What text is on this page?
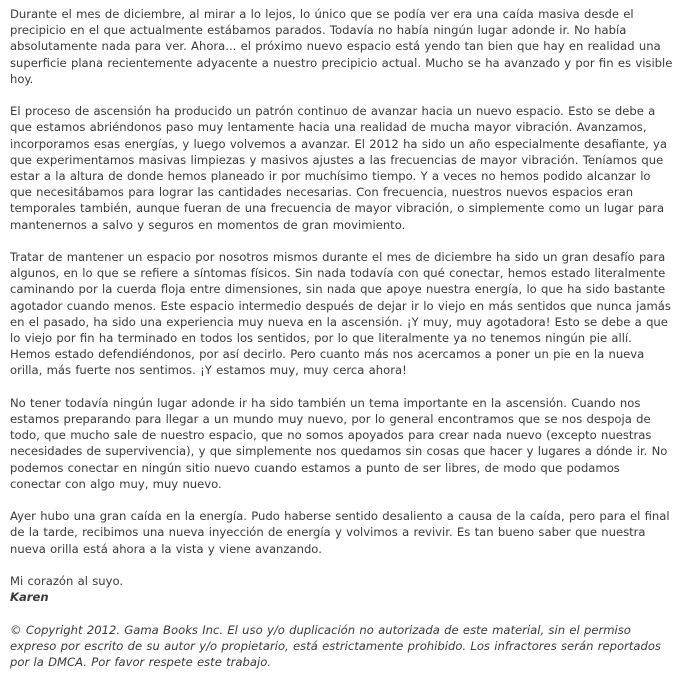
Durante el mes de diciembre, al mirar a lo lejos, lo único que se podía ver era una caída masiva desde el precipicio en el que actualmente estábamos parados. Todavía no había ningún lugar adonde ir. No había absolutamente nada para ver. Ahora... el próximo nuevo espacio está yendo tan bien que hay en realidad una superficie plana recientemente adyacente a nuestro precipicio actual. Mucho se ha avanzado y por fin es visible hoy.

El proceso de ascensión ha producido un patrón continuo de avanzar hacia un nuevo espacio. Esto se debe a que estamos abriéndonos paso muy lentamente hacia una realidad de mucha mayor vibración. Avanzamos, incorporamos esas energías, y luego volvemos a avanzar. El 2012 ha sido un año especialmente desafiante, ya que experimentamos masivas limpiezas y masivos ajustes a las frecuencias de mayor vibración. Teníamos que estar a la altura de donde hemos planeado ir por muchísimo tiempo. Y a veces no hemos podido alcanzar lo que necesitábamos para lograr las cantidades necesarias. Con frecuencia, nuestros nuevos espacios eran temporales también, aunque fueran de una frecuencia de mayor vibración, o simplemente como un lugar para mantenernos a salvo y seguros en momentos de gran movimiento.

Tratar de mantener un espacio por nosotros mismos durante el mes de diciembre ha sido un gran desafío para algunos, en lo que se refiere a síntomas físicos. Sin nada todavía con qué conectar, hemos estado literalmente caminando por la cuerda floja entre dimensiones, sin nada que apoye nuestra energía, lo que ha sido bastante agotador cuando menos. Este espacio intermedio después de dejar ir lo viejo en más sentidos que nunca jamás en el pasado, ha sido una experiencia muy nueva en la ascensión. ¡Y muy, muy agotadora! Esto se debe a que lo viejo por fin ha terminado en todos los sentidos, por lo que literalmente ya no tenemos ningún pie allí. Hemos estado defendiéndonos, por así decirlo. Pero cuanto más nos acercamos a poner un pie en la nueva orilla, más fuerte nos sentimos. ¡Y estamos muy, muy cerca ahora!

No tener todavía ningún lugar adonde ir ha sido también un tema importante en la ascensión. Cuando nos estamos preparando para llegar a un mundo muy nuevo, por lo general encontramos que se nos despoja de todo, que mucho sale de nuestro espacio, que no somos apoyados para crear nada nuevo (excepto nuestras necesidades de supervivencia), y que simplemente nos quedamos sin cosas que hacer y lugares a dónde ir. No podemos conectar en ningún sitio nuevo cuando estamos a punto de ser libres, de modo que podamos conectar con algo muy, muy nuevo.

Ayer hubo una gran caída en la energía. Pudo haberse sentido desaliento a causa de la caída, pero para el final de la tarde, recibimos una nueva inyección de energía y volvimos a revivir. Es tan bueno saber que nuestra nueva orilla está ahora a la vista y viene avanzando.

Mi corazón al suyo.
Karen

© Copyright 2012. Gama Books Inc. El uso y/o duplicación no autorizada de este material, sin el permiso expreso por escrito de su autor y/o propietario, está estrictamente prohibido. Los infractores serán reportados por la DMCA. Por favor respete este trabajo.
